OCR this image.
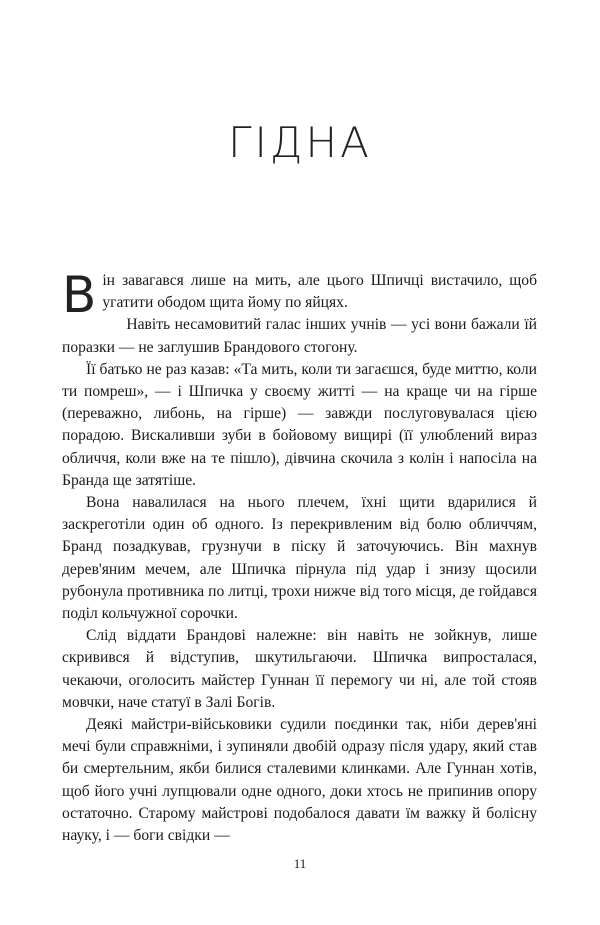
ГІДНА

Він завагався лише на мить, але цього Шпичці вистачило, щоб угатити ободом щита йому по яйцях.

Навіть несамовитий галас інших учнів — усі вони бажали їй поразки — не заглушив Брандового стогону.

Її батько не раз казав: «Та мить, коли ти загаєшся, буде миттю, коли ти помреш», — і Шпичка у своєму житті — на краще чи на гірше (переважно, либонь, на гірше) — завжди послуговувалася цією порадою. Вискаливши зуби в бойовому вищирі (її улюблений вираз обличчя, коли вже на те пішло), дівчина скочила з колін і напосіла на Бранда ще затятіше.

Вона навалилася на нього плечем, їхні щити вдарилися й заскреготіли один об одного. Із перекривленим від болю обличчям, Бранд позадкував, грузнучи в піску й заточуючись. Він махнув дерев'яним мечем, але Шпичка пірнула під удар і знизу щосили рубонула противника по литці, трохи нижче від того місця, де гойдався поділ кольчужної сорочки.

Слід віддати Брандові належне: він навіть не зойкнув, лише скривився й відступив, шкутильгаючи. Шпичка випросталася, чекаючи, оголосить майстер Гуннан її перемогу чи ні, але той стояв мовчки, наче статуї в Залі Богів.

Деякі майстри-військовики судили поєдинки так, ніби дерев'яні мечі були справжніми, і зупиняли двобій одразу після удару, який став би смертельним, якби билися сталевими клинками. Але Гуннан хотів, щоб його учні лупцювали одне одного, доки хтось не припинив опору остаточно. Старому майстрові подобалося давати їм важку й болісну науку, і — боги свідки —

11
